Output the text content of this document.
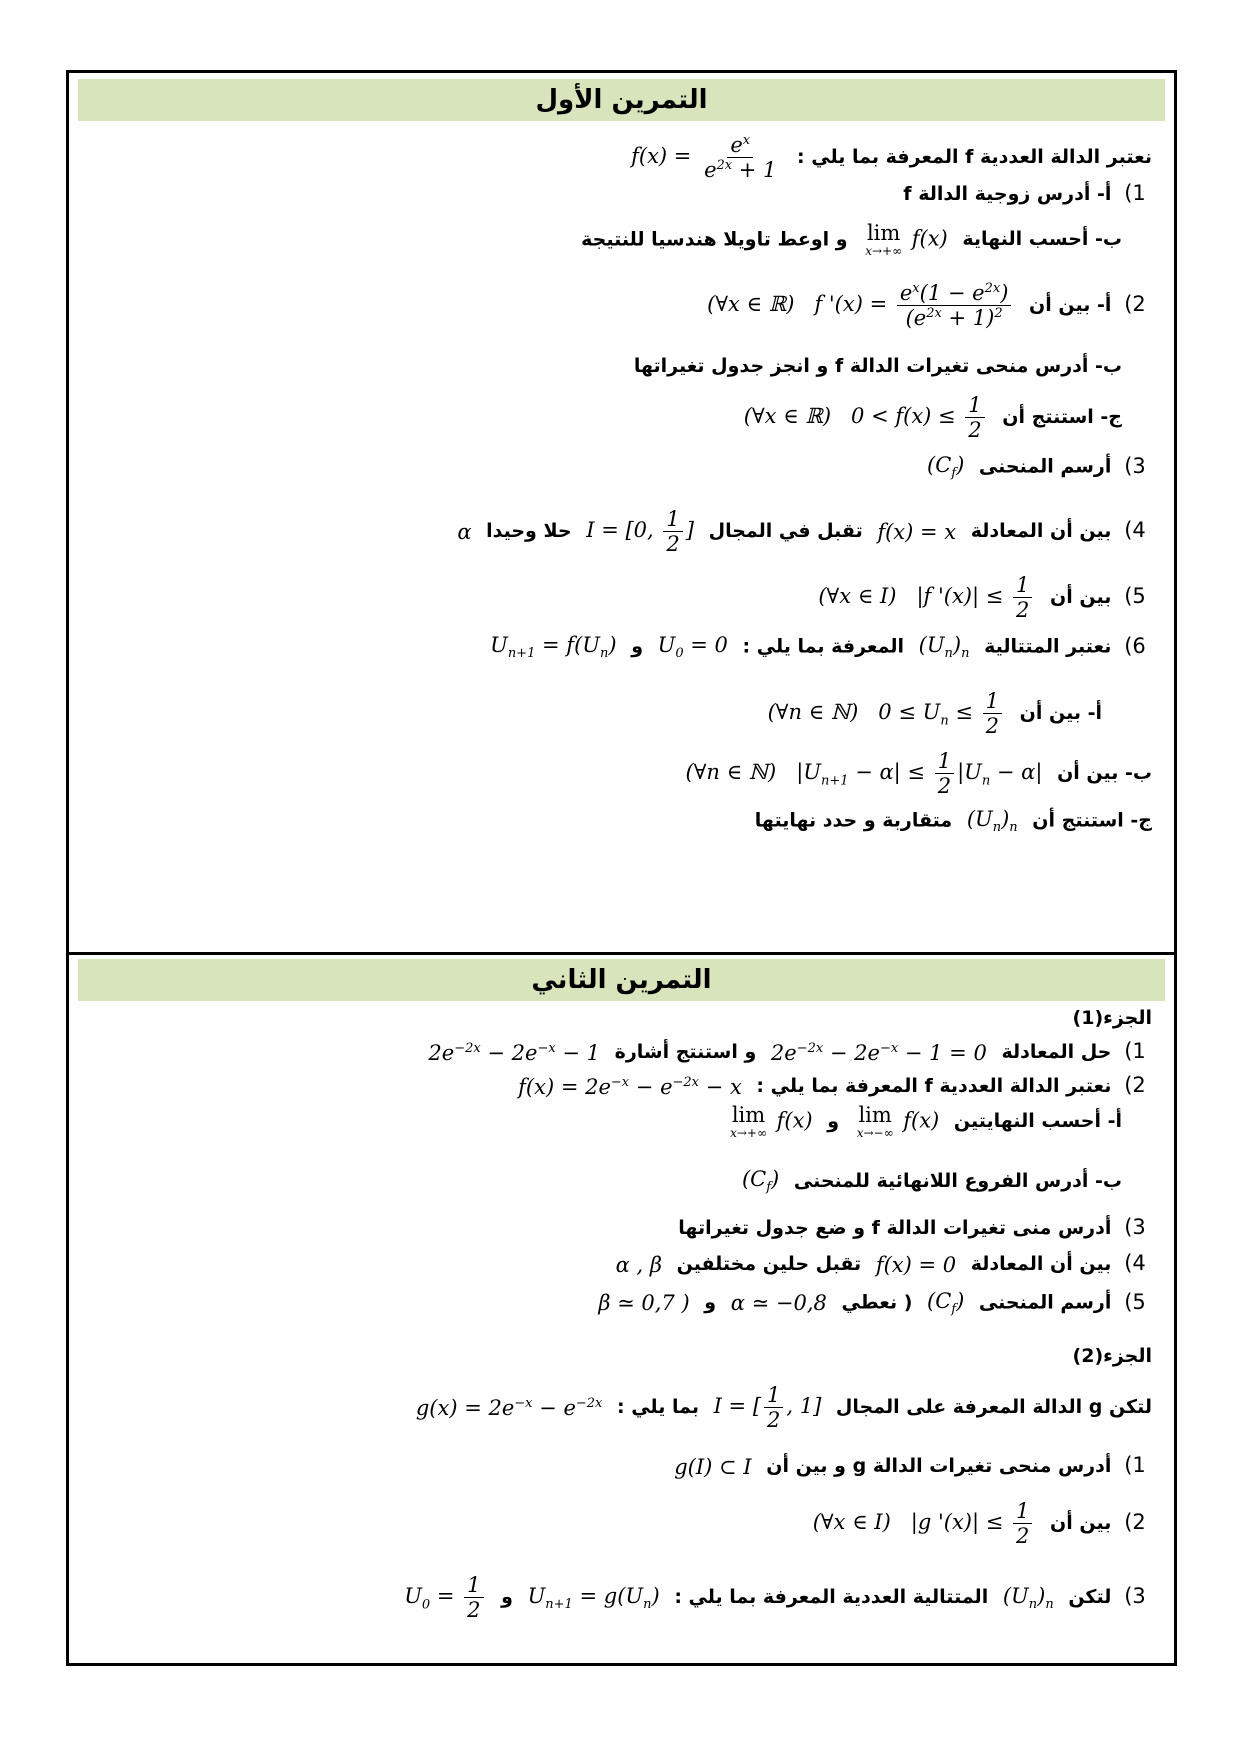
التمرين الأول
نعتبر الدالة العددية f المعرفة بما يلي : $f(x) = \frac{e^x}{e^{2x} + 1}$
1) أ- أدرس زوجية الدالة f
ب- أحسب النهاية
lim
x→+∞
f(x) و اوعط تاويلا هندسيا للنتيجة
2) أ- بين أن (∀x ∈ ℝ)   f '$(x) = \frac{e^x(1 - e^{2x})}{(e^{2x} + 1)^2}$
ب- أدرس منحى تغيرات الدالة f و انجز جدول تغيراتها
ج- استنتج أن (∀x ∈ ℝ)   $0 < f(x) \le \frac{1}{2}$
3) أرسم المنحنى $(C_f)$
4) بين أن المعادلة f(x) = x تقبل في المجال I = [0, $\frac{1}{2}$ ] حلا وحيدا α
5) بين أن (∀x ∈ I)   |f '$(x)| \le \frac{1}{2}$
6) نعتبر المتتالية $(U_n)_n$ المعرفة بما يلي : $U_0 = 0$ و $U_{n+1} = f(U_n)$
أ- بين أن (∀n ∈ ℕ)   $0 \le U_n \le \frac{1}{2}$
ب- بين أن (∀n ∈ ℕ)   $|U_{n+1} - \alpha| \le \frac{1}{2} |U_n - \alpha|$
ج- استنتج أن $(U_n)_n$ متقاربة و حدد نهايتها
التمرين الثاني
الجزء(1)
1) حل المعادلة $2e^{-2x} - 2e^{-x} - 1 = 0$ و استنتج أشارة $2e^{-2x} - 2e^{-x} - 1$
2) نعتبر الدالة العددية f المعرفة بما يلي : $f(x) = 2e^{-x} - e^{-2x} - x$
أ- أحسب النهايتين
lim
x→−∞
f(x) و
lim
x→+∞
f(x)
ب- أدرس الفروع اللانهائية للمنحنى $(C_f)$
3) أدرس منى تغيرات الدالة f و ضع جدول تغيراتها
4) بين أن المعادلة f(x) = 0 تقبل حلين مختلفين α , β
5) أرسم المنحنى $(C_f)$ ( نعطي α ≃ −0,8 و β ≃ 0,7 )
الجزء(2)
لتكن g الدالة المعرفة على المجال I = [ $\frac{1}{2}$ , 1] بما يلي : $g(x) = 2e^{-x} - e^{-2x}$
1) أدرس منحى تغيرات الدالة g و بين أن g(I) ⊂ I
2) بين أن (∀x ∈ I)   |g '$(x)| \le \frac{1}{2}$
3) لتكن $(U_n)_n$ المتتالية العددية المعرفة بما يلي : $U_{n+1} = g(U_n)$ و $U_0 = \frac{1}{2}$
